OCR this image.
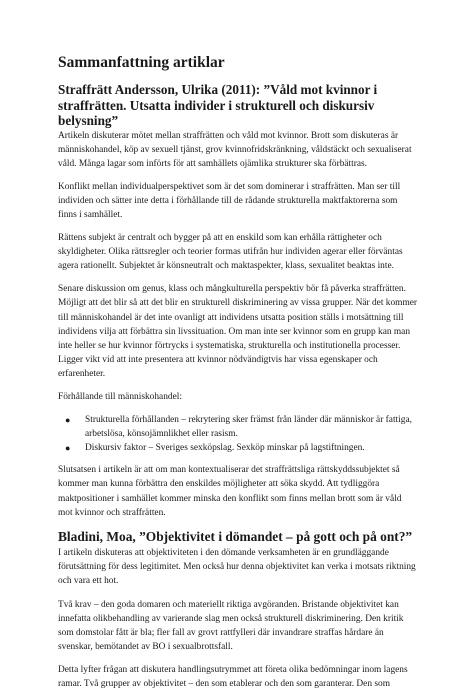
Sammanfattning artiklar
Straffrätt Andersson, Ulrika (2011): ”Våld mot kvinnor i straffrätten. Utsatta individer i strukturell och diskursiv belysning”

Artikeln diskuterar mötet mellan straffrätten och våld mot kvinnor. Brott som diskuteras är människohandel, köp av sexuell tjänst, grov kvinnofridskränkning, våldstäckt och sexualiserat våld. Många lagar som införts för att samhällets ojämlika strukturer ska förbättras.

Konflikt mellan individualperspektivet som är det som dominerar i straffrätten. Man ser till individen och sätter inte detta i förhållande till de rådande strukturella maktfaktorerna som finns i samhället.

Rättens subjekt är centralt och bygger på att en enskild som kan erhålla rättigheter och skyldigheter. Olika rättsregler och teorier formas utifrån hur individen agerar eller förväntas agera rationellt. Subjektet är könsneutralt och maktaspekter, klass, sexualitet beaktas inte.

Senare diskussion om genus, klass och mångkulturella perspektiv bör få påverka straffrätten. Möjligt att det blir så att det blir en strukturell diskriminering av vissa grupper. När det kommer till människohandel är det inte ovanligt att individens utsatta position ställs i motsättning till individens vilja att förbättra sin livssituation. Om man inte ser kvinnor som en grupp kan man inte heller se hur kvinnor förtrycks i systematiska, strukturella och institutionella processer. Ligger vikt vid att inte presentera att kvinnor nödvändigtvis har vissa egenskaper och erfarenheter.

Förhållande till människohandel:

● Strukturella förhållanden – rekrytering sker främst från länder där människor är fattiga, arbetslösa, könsojämnlikhet eller rasism.
● Diskursiv faktor – Sveriges sexköpslag. Sexköp minskar på lagstiftningen.

Slutsatsen i artikeln är att om man kontextualiserar det straffrättsliga rättskyddssubjektet så kommer man kunna förbättra den enskildes möjligheter att söka skydd. Att tydliggöra maktpositioner i samhället kommer minska den konflikt som finns mellan brott som är våld mot kvinnor och straffrätten.

Bladini, Moa, ”Objektivitet i dömandet – på gott och på ont?”

I artikeln diskuteras att objektiviteten i den dömande verksamheten är en grundläggande förutsättning för dess legitimitet. Men också hur denna objektivitet kan verka i motsats riktning och vara ett hot.

Två krav – den goda domaren och materiellt riktiga avgöranden. Bristande objektivitet kan innefatta olikbehandling av varierande slag men också strukturell diskriminering. Den kritik som domstolar fått är bla; fler fall av grovt rattfylleri där invandrare straffas hårdare än svenskar, bemötandet av BO i sexualbrottsfall.

Detta lyfter frågan att diskutera handlingsutrymmet att företa olika bedömningar inom lagens ramar. Två grupper av objektivitet – den som etablerar och den som garanterar. Den som
